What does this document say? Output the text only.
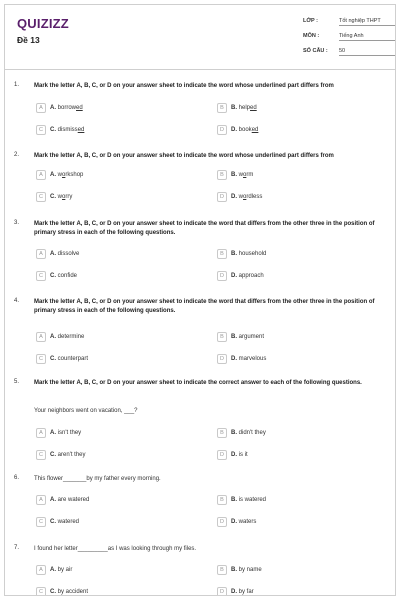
QUIZIZZ
Đề 13
LỚP :	Tốt nghiệp THPT
MÔN :	Tiếng Anh
SỐ CÂU :	50
1. Mark the letter A, B, C, or D on your answer sheet to indicate the word whose underlined part differs from
A	A. borrowed	B	B. helped
C	C. dismissed	D	D. booked
2. Mark the letter A, B, C, or D on your answer sheet to indicate the word whose underlined part differs from
A	A. workshop	B	B. worm
C	C. worry	D	D. wordless
3. Mark the letter A, B, C, or D on your answer sheet to indicate the word that differs from the other three in the position of primary stress in each of the following questions.
A	A. dissolve	B	B. household
C	C. confide	D	D. approach
4. Mark the letter A, B, C, or D on your answer sheet to indicate the word that differs from the other three in the position of primary stress in each of the following questions.
A	A. determine	B	B. argument
C	C. counterpart	D	D. marvelous
5. Mark the letter A, B, C, or D on your answer sheet to indicate the correct answer to each of the following questions.
Your neighbors went on vacation, ___?
A	A. isn't they	B	B. didn't they
C	C. aren't they	D	D. is it
6. This flower_______by my father every morning.
A	A. are watered	B	B. is watered
C	C. watered	D	D. waters
7. I found her letter_________as I was looking through my files.
A	A. by air	B	B. by name
C	C. by accident	D	D. by far
